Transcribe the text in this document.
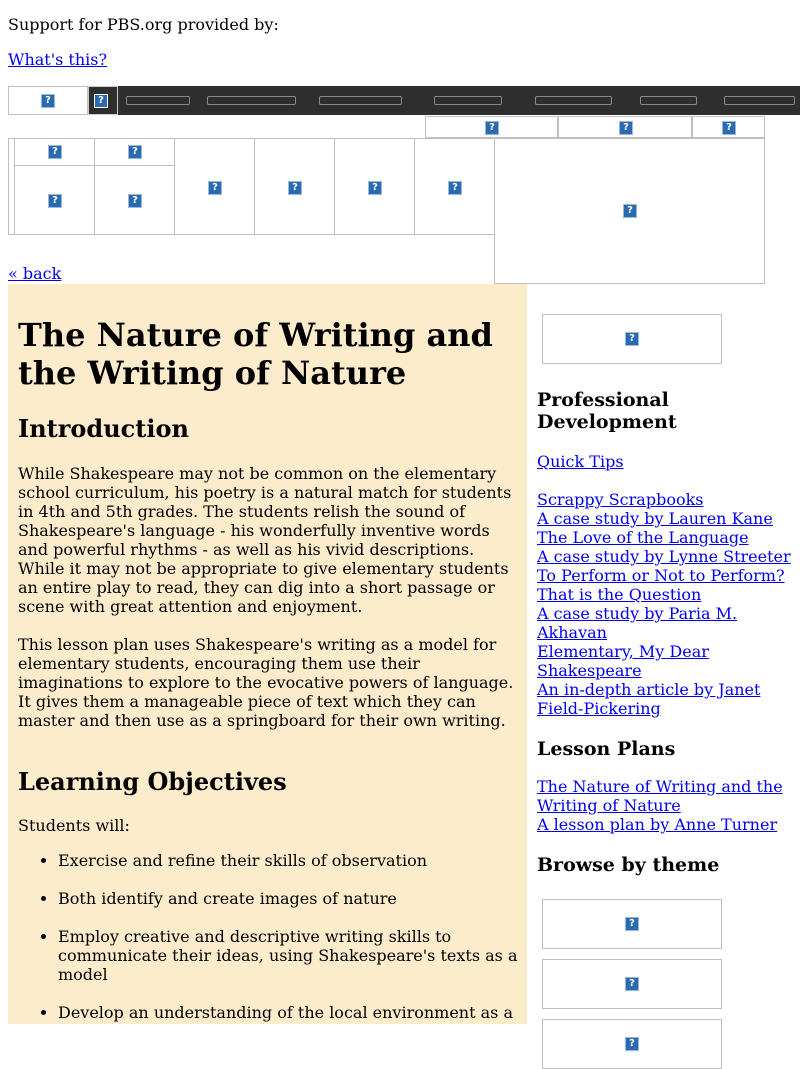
Support for PBS.org provided by:
What's this?
?	?
?	?	?
?	?
?	?
?	?	?	?
?
« back
The Nature of Writing and the Writing of Nature
Introduction

While Shakespeare may not be common on the elementary school curriculum, his poetry is a natural match for students in 4th and 5th grades. The students relish the sound of Shakespeare's language - his wonderfully inventive words and powerful rhythms - as well as his vivid descriptions. While it may not be appropriate to give elementary students an entire play to read, they can dig into a short passage or scene with great attention and enjoyment.

This lesson plan uses Shakespeare's writing as a model for elementary students, encouraging them use their imaginations to explore to the evocative powers of language. It gives them a manageable piece of text which they can master and then use as a springboard for their own writing.

Learning Objectives

Students will:

• Exercise and refine their skills of observation
• Both identify and create images of nature
• Employ creative and descriptive writing skills to communicate their ideas, using Shakespeare's texts as a model
• Develop an understanding of the local environment as a
?
Professional Development
Quick Tips
Scrappy Scrapbooks
A case study by Lauren Kane
The Love of the Language
A case study by Lynne Streeter
To Perform or Not to Perform? That is the Question
A case study by Paria M. Akhavan
Elementary, My Dear Shakespeare
An in-depth article by Janet Field-Pickering
Lesson Plans
The Nature of Writing and the Writing of Nature
A lesson plan by Anne Turner
Browse by theme
?
?
?
